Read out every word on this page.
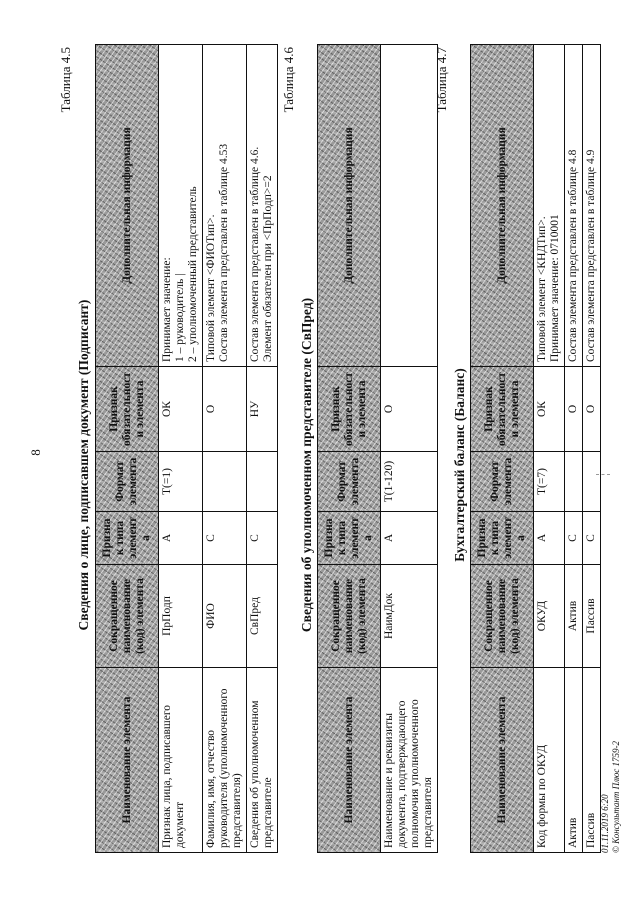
8
Таблица 4.5
Сведения о лице, подписавшем документ (Подписант)
Наименование элемента	Сокращенное наименование (код) элемента	Признак типа элемента	Формат элемента	Признак обязательности элемента	Дополнительная информация
Признак лица, подписавшего документ	ПрПодп	А	Т(=1)	ОК	Принимает значение:
1 – руководитель |
2 – уполномоченный представитель
Фамилия, имя, отчество руководителя (уполномоченного представителя)	ФИО	С		О	Типовой элемент <ФИОТип>.
Состав элемента представлен в таблице 4.53
Сведения об уполномоченном представителе	СвПред	С		НУ	Состав элемента представлен в таблице 4.6.
Элемент обязателен при <ПрПодп>=2
Таблица 4.6
Сведения об уполномоченном представителе (СвПред)
Наименование элемента	Сокращенное наименование (код) элемента	Признак типа элемента	Формат элемента	Признак обязательности элемента	Дополнительная информация
Наименование и реквизиты документа, подтверждающего полномочия уполномоченного представителя	НаимДок	А	Т(1-120)	О	
Таблица 4.7
Бухгалтерский баланс (Баланс)
Наименование элемента	Сокращенное наименование (код) элемента	Признак типа элемента	Формат элемента	Признак обязательности элемента	Дополнительная информация
Код формы по ОКУД	ОКУД	А	Т(=7)	ОК	Типовой элемент <КНДТип>.
Принимает значение: 0710001
Актив	Актив	С		О	Состав элемента представлен в таблице 4.8
Пассив	Пассив	С		О	Состав элемента представлен в таблице 4.9
01.11.2019 6:20 © Консультант Плюс 1759-2
